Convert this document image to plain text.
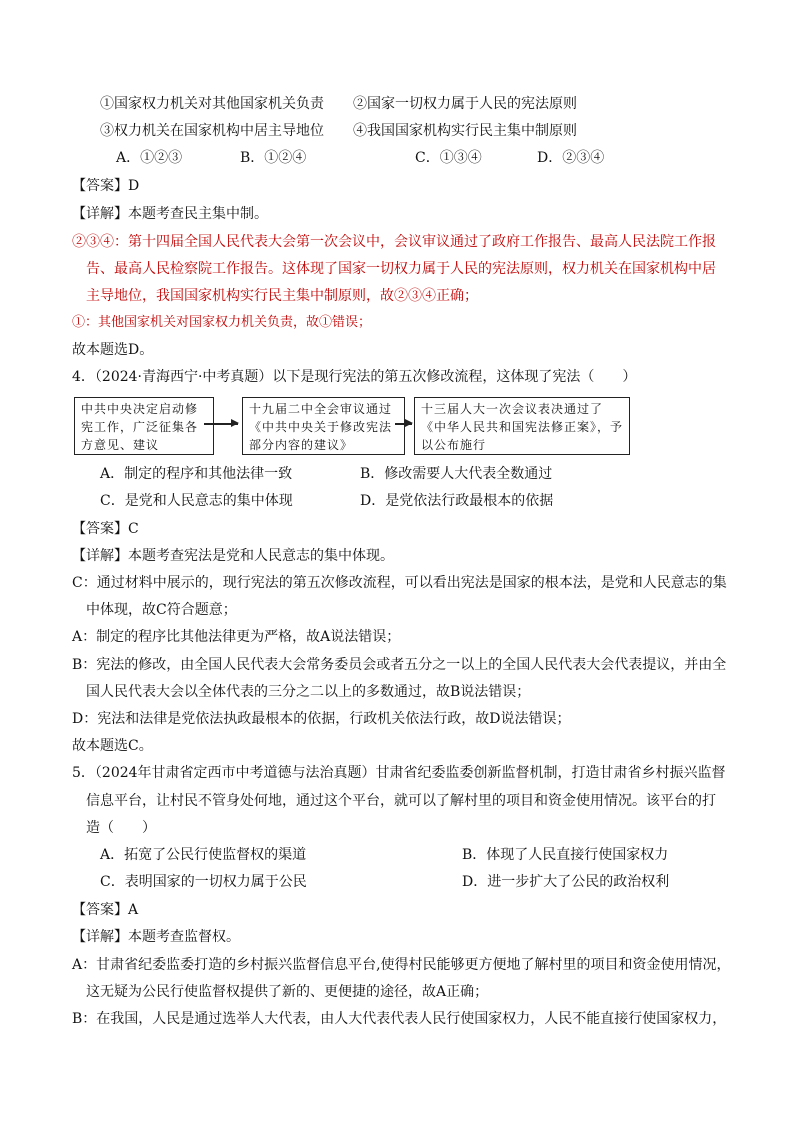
①国家权力机关对其他国家机关负责 ②国家一切权力属于人民的宪法原则
③权力机关在国家机构中居主导地位 ④我国国家机构实行民主集中制原则
A．①②③	B．①②④	C．①③④	D．②③④
【答案】D
【详解】本题考查民主集中制。
②③④：第十四届全国人民代表大会第一次会议中，会议审议通过了政府工作报告、最高人民法院工作报
告、最高人民检察院工作报告。这体现了国家一切权力属于人民的宪法原则，权力机关在国家机构中居
主导地位，我国国家机构实行民主集中制原则，故②③④正确；
①：其他国家机关对国家权力机关负责，故①错误；
故本题选D。
4．（2024·青海西宁·中考真题）以下是现行宪法的第五次修改流程，这体现了宪法（　　）
中共中央决定启动修宪工作，广泛征集各方意见、建议
十九届二中全会审议通过《中共中央关于修改宪法部分内容的建议》
十三届人大一次会议表决通过了《中华人民共和国宪法修正案》，予以公布施行
A．制定的程序和其他法律一致	B．修改需要人大代表全数通过
C．是党和人民意志的集中体现	D．是党依法行政最根本的依据
【答案】C
【详解】本题考查宪法是党和人民意志的集中体现。
C：通过材料中展示的，现行宪法的第五次修改流程，可以看出宪法是国家的根本法，是党和人民意志的集
中体现，故C符合题意；
A：制定的程序比其他法律更为严格，故A说法错误；
B：宪法的修改，由全国人民代表大会常务委员会或者五分之一以上的全国人民代表大会代表提议，并由全
国人民代表大会以全体代表的三分之二以上的多数通过，故B说法错误；
D：宪法和法律是党依法执政最根本的依据，行政机关依法行政，故D说法错误；
故本题选C。
5．（2024年甘肃省定西市中考道德与法治真题）甘肃省纪委监委创新监督机制，打造甘肃省乡村振兴监督
信息平台，让村民不管身处何地，通过这个平台，就可以了解村里的项目和资金使用情况。该平台的打
造（　　）
A．拓宽了公民行使监督权的渠道	B．体现了人民直接行使国家权力
C．表明国家的一切权力属于公民	D．进一步扩大了公民的政治权利
【答案】A
【详解】本题考查监督权。
A：甘肃省纪委监委打造的乡村振兴监督信息平台,使得村民能够更方便地了解村里的项目和资金使用情况，
这无疑为公民行使监督权提供了新的、更便捷的途径，故A正确；
B：在我国，人民是通过选举人大代表，由人大代表代表人民行使国家权力，人民不能直接行使国家权力，
